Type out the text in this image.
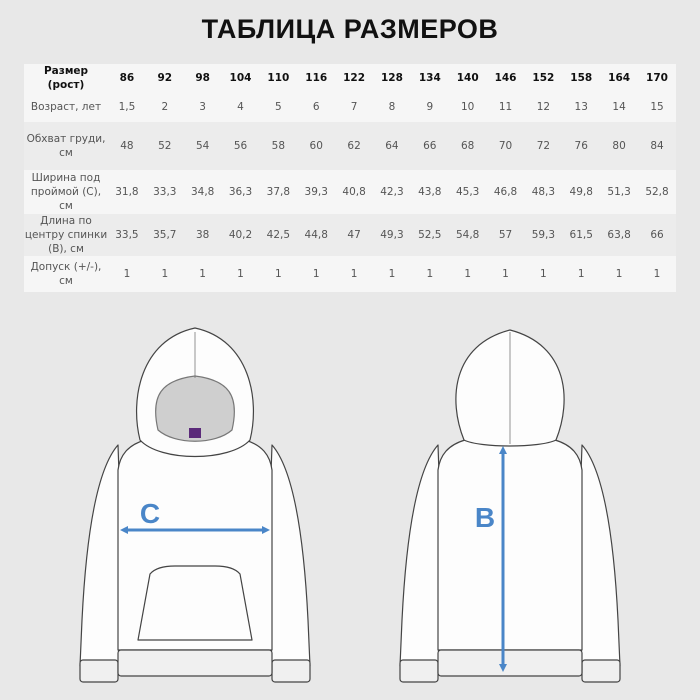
ТАБЛИЦА РАЗМЕРОВ
Размер (рост)	86	92	98	104	110	116	122	128	134	140	146	152	158	164	170
Возраст, лет	1,5	2	3	4	5	6	7	8	9	10	11	12	13	14	15
Обхват груди, см	48	52	54	56	58	60	62	64	66	68	70	72	76	80	84
Ширина под проймой (С), см	31,8	33,3	34,8	36,3	37,8	39,3	40,8	42,3	43,8	45,3	46,8	48,3	49,8	51,3	52,8
Длина по центру спинки (В), см	33,5	35,7	38	40,2	42,5	44,8	47	49,3	52,5	54,8	57	59,3	61,5	63,8	66
Допуск (+/-), см	1	1	1	1	1	1	1	1	1	1	1	1	1	1	1
C	B
